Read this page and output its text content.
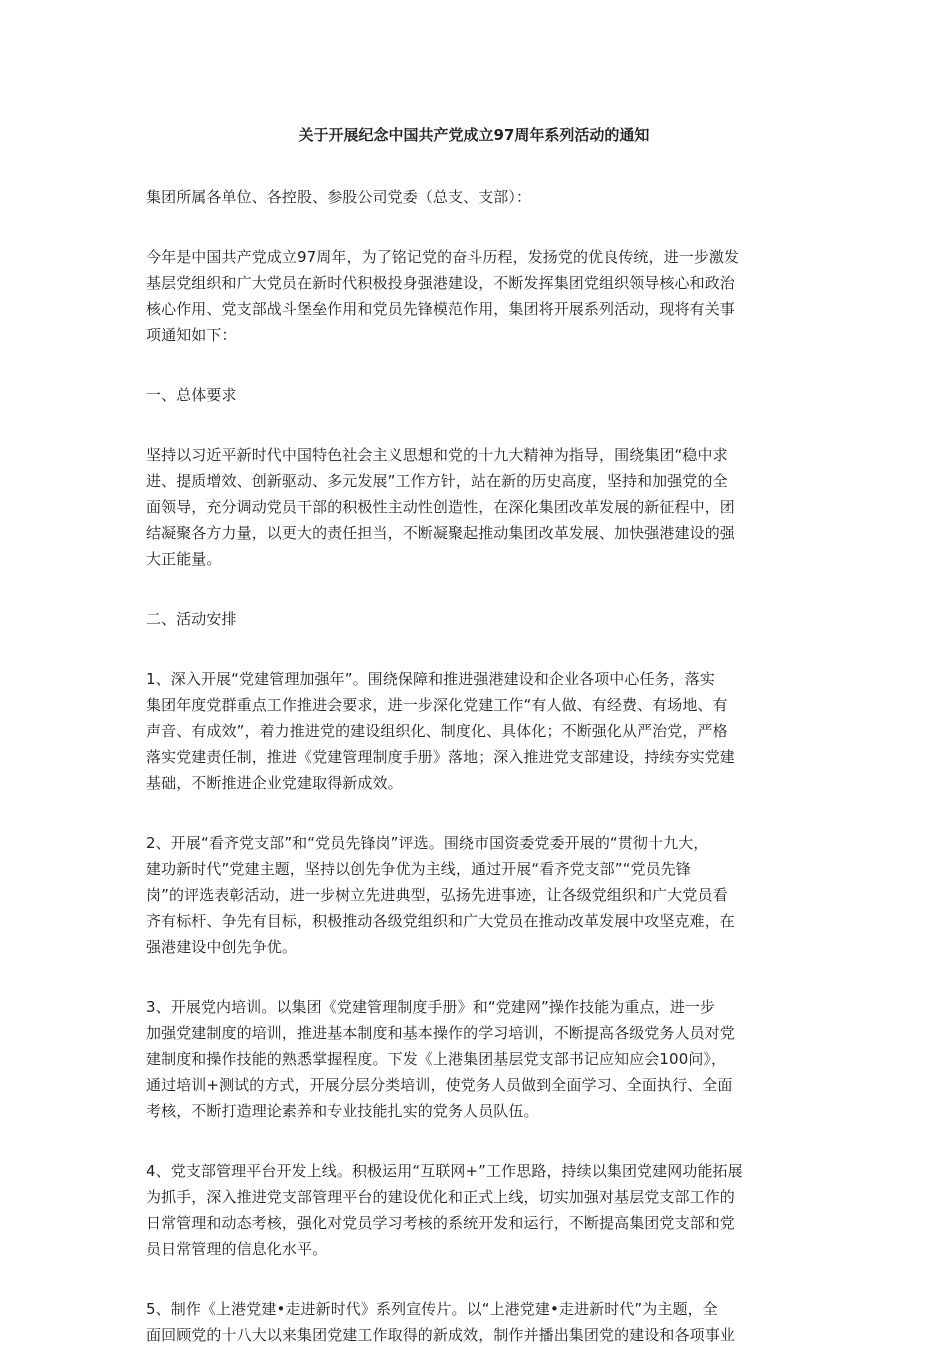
关于开展纪念中国共产党成立97周年系列活动的通知
集团所属各单位、各控股、参股公司党委（总支、支部）：
今年是中国共产党成立97周年，为了铭记党的奋斗历程，发扬党的优良传统，进一步激发
基层党组织和广大党员在新时代积极投身强港建设，不断发挥集团党组织领导核心和政治
核心作用、党支部战斗堡垒作用和党员先锋模范作用，集团将开展系列活动，现将有关事
项通知如下：
一、总体要求
坚持以习近平新时代中国特色社会主义思想和党的十九大精神为指导，围绕集团“稳中求
进、提质增效、创新驱动、多元发展”工作方针，站在新的历史高度，坚持和加强党的全
面领导，充分调动党员干部的积极性主动性创造性，在深化集团改革发展的新征程中，团
结凝聚各方力量，以更大的责任担当，不断凝聚起推动集团改革发展、加快强港建设的强
大正能量。
二、活动安排
1、深入开展“党建管理加强年”。围绕保障和推进强港建设和企业各项中心任务，落实
集团年度党群重点工作推进会要求，进一步深化党建工作“有人做、有经费、有场地、有
声音、有成效”，着力推进党的建设组织化、制度化、具体化；不断强化从严治党，严格
落实党建责任制，推进《党建管理制度手册》落地；深入推进党支部建设，持续夯实党建
基础，不断推进企业党建取得新成效。
2、开展“看齐党支部”和“党员先锋岗”评选。围绕市国资委党委开展的“贯彻十九大，
建功新时代”党建主题，坚持以创先争优为主线，通过开展“看齐党支部”“党员先锋
岗”的评选表彰活动，进一步树立先进典型，弘扬先进事迹，让各级党组织和广大党员看
齐有标杆、争先有目标，积极推动各级党组织和广大党员在推动改革发展中攻坚克难，在
强港建设中创先争优。
3、开展党内培训。以集团《党建管理制度手册》和“党建网”操作技能为重点，进一步
加强党建制度的培训，推进基本制度和基本操作的学习培训，不断提高各级党务人员对党
建制度和操作技能的熟悉掌握程度。下发《上港集团基层党支部书记应知应会100问》，
通过培训+测试的方式，开展分层分类培训，使党务人员做到全面学习、全面执行、全面
考核，不断打造理论素养和专业技能扎实的党务人员队伍。
4、党支部管理平台开发上线。积极运用“互联网+”工作思路，持续以集团党建网功能拓展
为抓手，深入推进党支部管理平台的建设优化和正式上线，切实加强对基层党支部工作的
日常管理和动态考核，强化对党员学习考核的系统开发和运行，不断提高集团党支部和党
员日常管理的信息化水平。
5、制作《上港党建•走进新时代》系列宣传片。以“上港党建•走进新时代”为主题，全
面回顾党的十八大以来集团党建工作取得的新成效，制作并播出集团党的建设和各项事业
